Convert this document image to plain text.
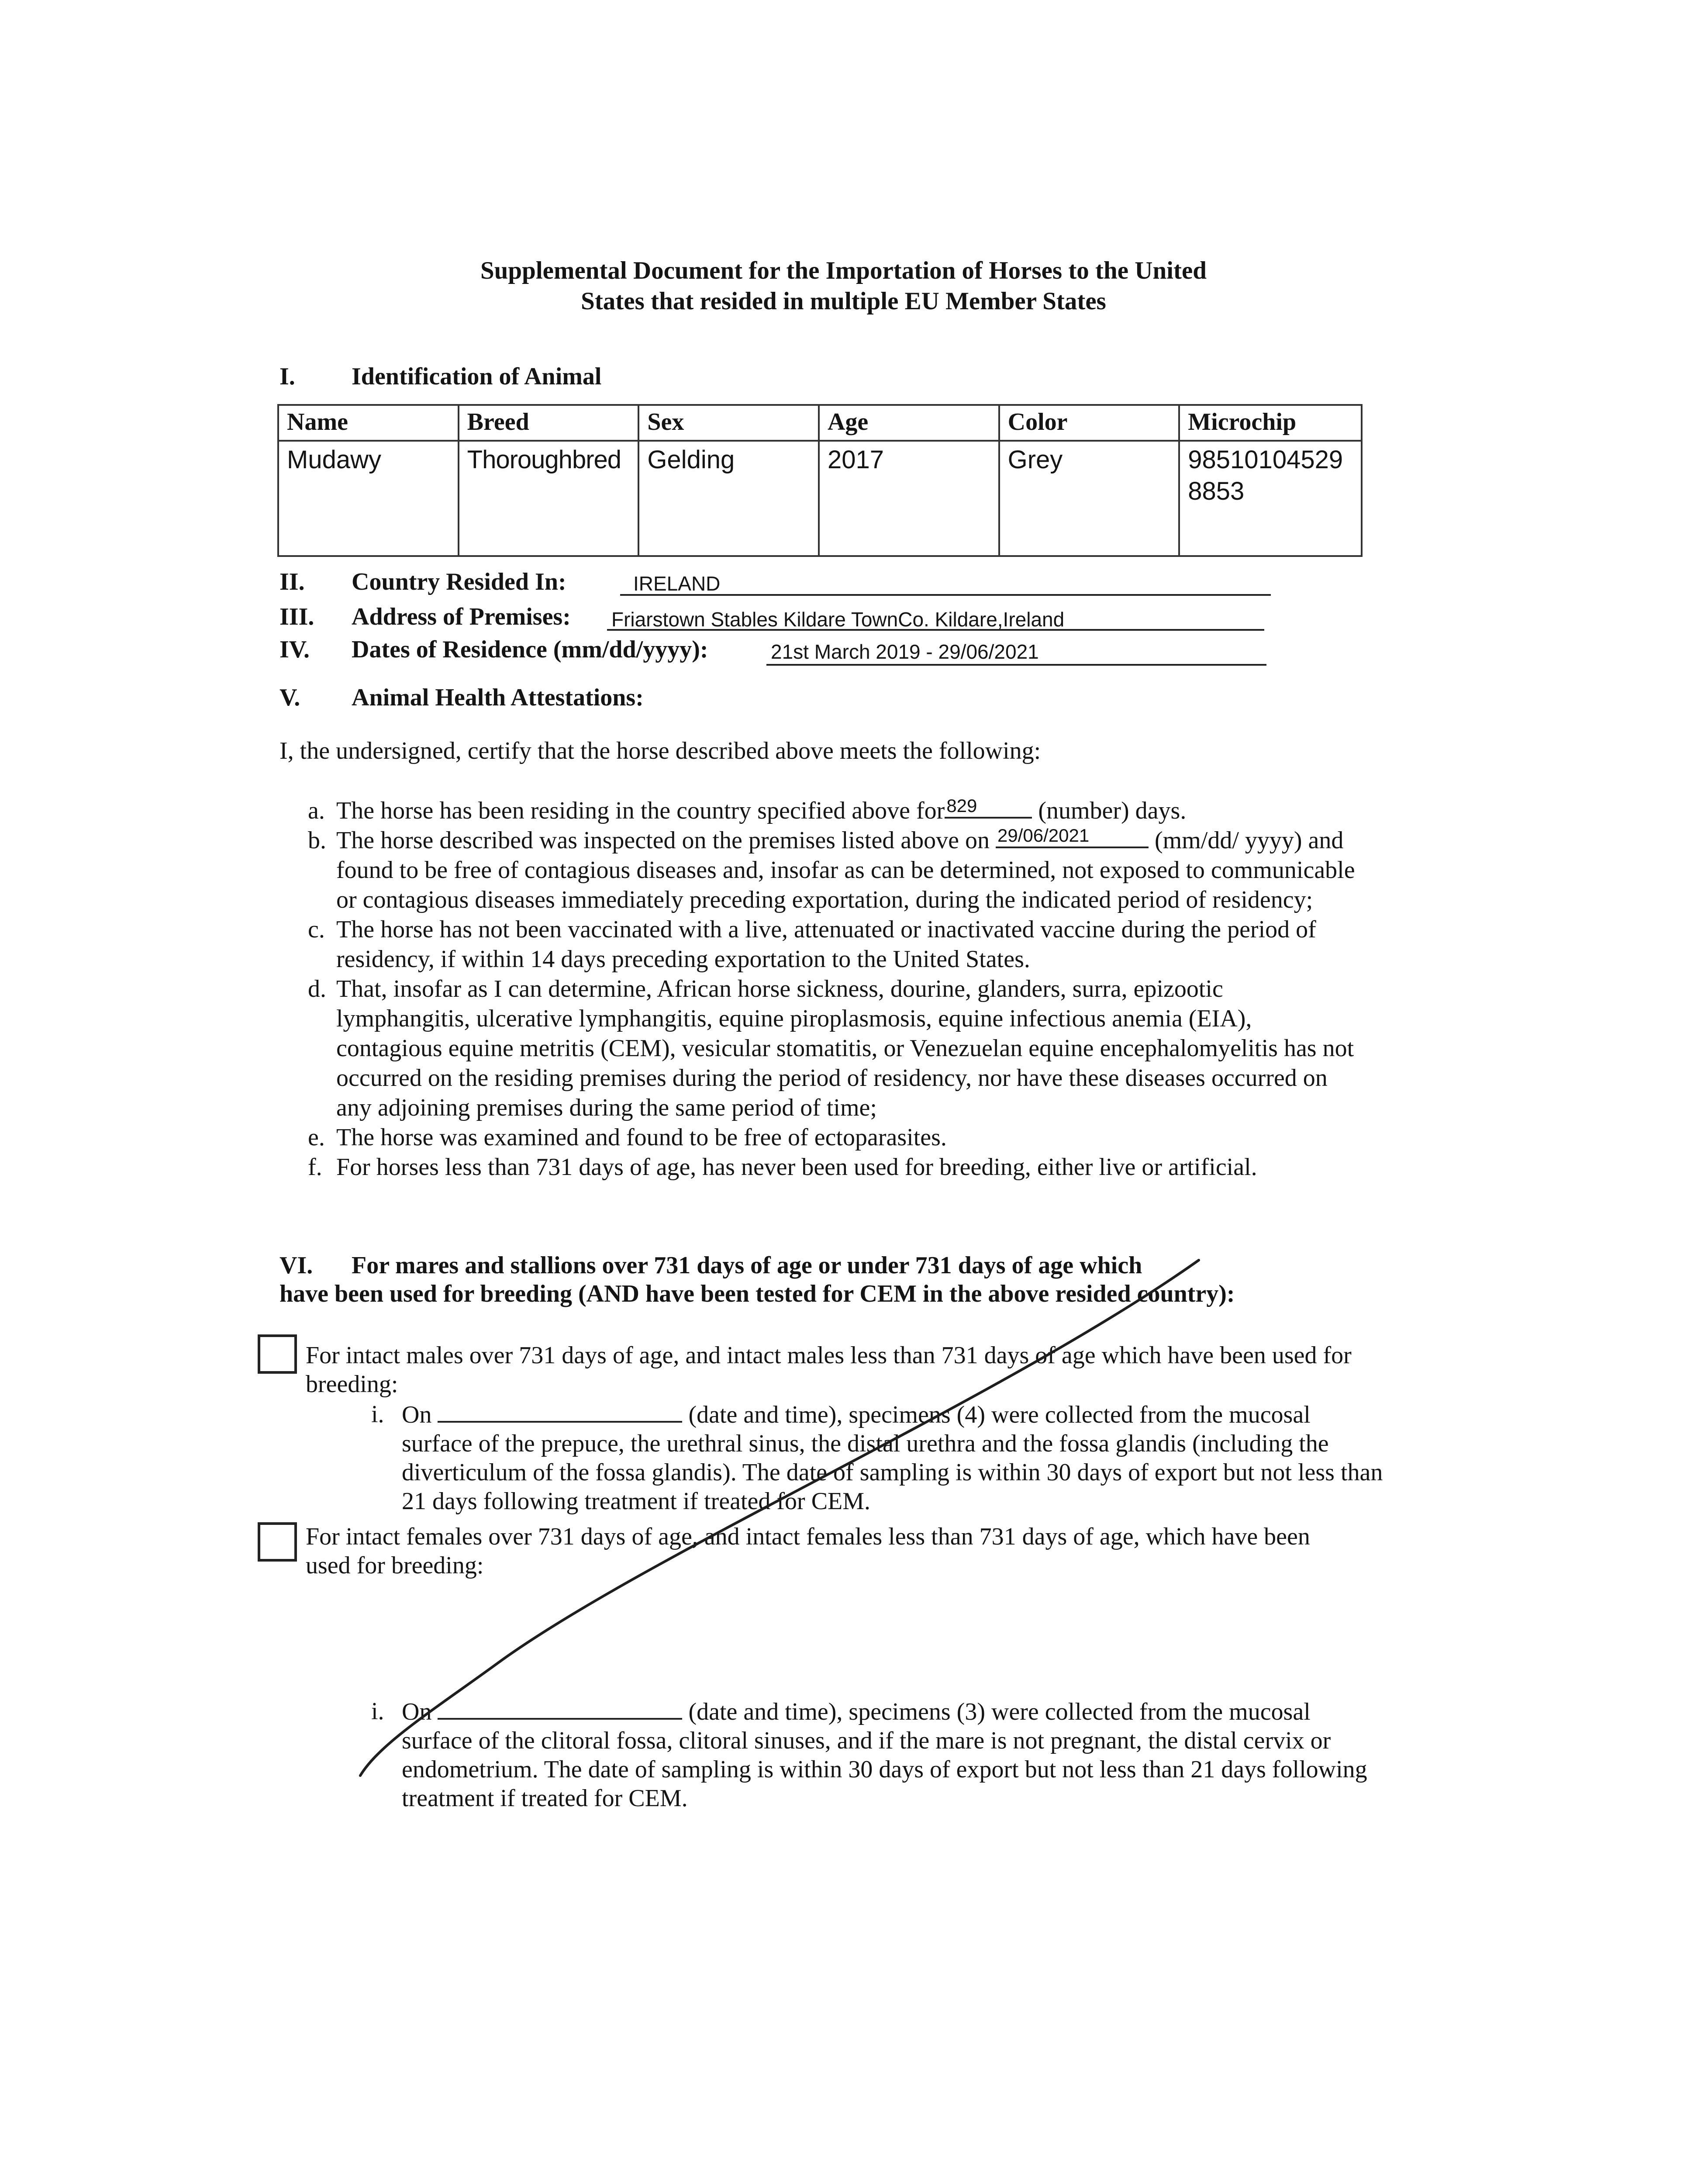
Supplemental Document for the Importation of Horses to the United
States that resided in multiple EU Member States
I. Identification of Animal
Name	Breed	Sex	Age	Color	Microchip
Mudawy	Thoroughbred	Gelding	2017	Grey	98510104529
8853
II. Country Resided In:	IRELAND
III. Address of Premises: Friarstown Stables Kildare TownCo. Kildare,Ireland
IV. Dates of Residence (mm/dd/yyyy):	21st March 2019 - 29/06/2021
V. Animal Health Attestations:
I, the undersigned, certify that the horse described above meets the following:
a. The horse has been residing in the country specified above for 829 (number) days.
b. The horse described was inspected on the premises listed above on 29/06/2021	(mm/dd/ yyyy) and found to be free of contagious diseases and, insofar as can be determined, not exposed to communicable or contagious diseases immediately preceding exportation, during the indicated period of residency;
c. The horse has not been vaccinated with a live, attenuated or inactivated vaccine during the period of residency, if within 14 days preceding exportation to the United States.
d. That, insofar as I can determine, African horse sickness, dourine, glanders, surra, epizootic lymphangitis, ulcerative lymphangitis, equine piroplasmosis, equine infectious anemia (EIA), contagious equine metritis (CEM), vesicular stomatitis, or Venezuelan equine encephalomyelitis has not occurred on the residing premises during the period of residency, nor have these diseases occurred on any adjoining premises during the same period of time;
e. The horse was examined and found to be free of ectoparasites.
f. For horses less than 731 days of age, has never been used for breeding, either live or artificial.
VI. For mares and stallions over 731 days of age or under 731 days of age which
have been used for breeding (AND have been tested for CEM in the above resided country):
For intact males over 731 days of age, and intact males less than 731 days of age which have been used for breeding:
i. On	(date and time), specimens (4) were collected from the mucosal surface of the prepuce, the urethral sinus, the distal urethra and the fossa glandis (including the diverticulum of the fossa glandis). The date of sampling is within 30 days of export but not less than 21 days following treatment if treated for CEM.
For intact females over 731 days of age, and intact females less than 731 days of age, which have been used for breeding:
i. On	(date and time), specimens (3) were collected from the mucosal surface of the clitoral fossa, clitoral sinuses, and if the mare is not pregnant, the distal cervix or endometrium. The date of sampling is within 30 days of export but not less than 21 days following treatment if treated for CEM.
